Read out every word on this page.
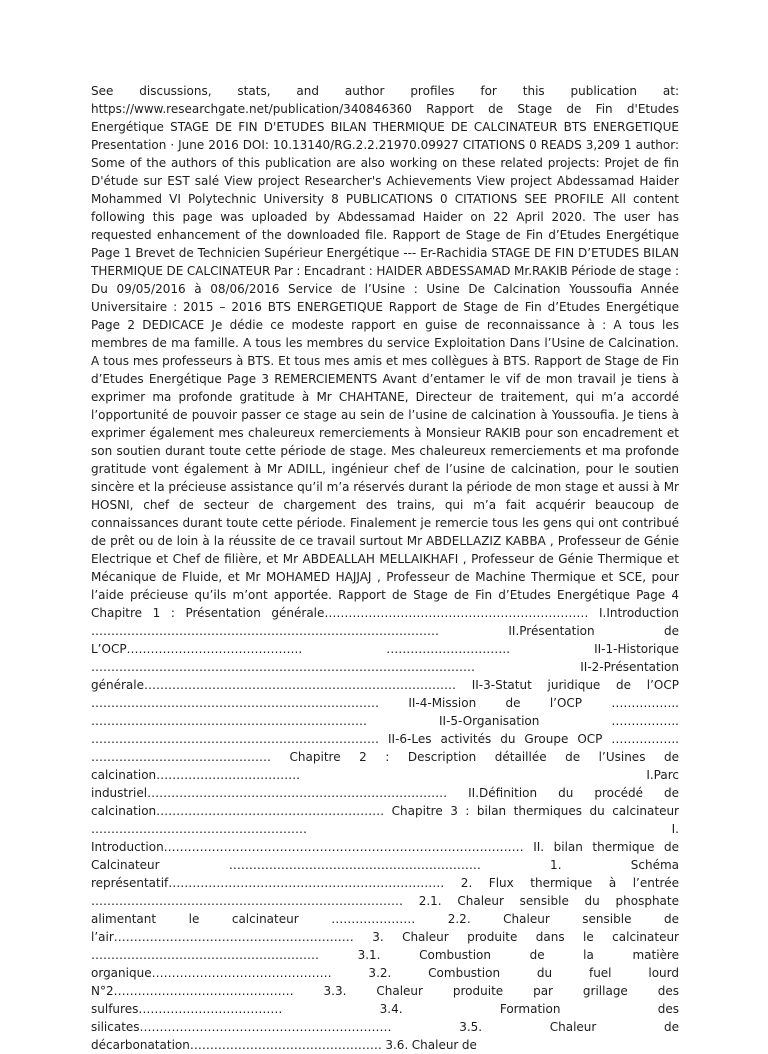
See discussions, stats, and author profiles for this publication at: https://www.researchgate.net/publication/340846360 Rapport de Stage de Fin d'Etudes Energétique STAGE DE FIN D'ETUDES BILAN THERMIQUE DE CALCINATEUR BTS ENERGETIQUE Presentation · June 2016 DOI: 10.13140/RG.2.2.21970.09927 CITATIONS 0 READS 3,209 1 author: Some of the authors of this publication are also working on these related projects: Projet de fin D'étude sur EST salé View project Researcher's Achievements View project Abdessamad Haider Mohammed VI Polytechnic University 8 PUBLICATIONS 0 CITATIONS SEE PROFILE All content following this page was uploaded by Abdessamad Haider on 22 April 2020. The user has requested enhancement of the downloaded file. Rapport de Stage de Fin d’Etudes Energétique Page 1 Brevet de Technicien Supérieur Energétique --- Er-Rachidia STAGE DE FIN D’ETUDES BILAN THERMIQUE DE CALCINATEUR Par : Encadrant : HAIDER ABDESSAMAD Mr.RAKIB Période de stage : Du 09/05/2016 à 08/06/2016 Service de l’Usine : Usine De Calcination Youssoufia Année Universitaire : 2015 – 2016 BTS ENERGETIQUE Rapport de Stage de Fin d’Etudes Energétique Page 2 DEDICACE Je dédie ce modeste rapport en guise de reconnaissance à : A tous les membres de ma famille. A tous les membres du service Exploitation Dans l’Usine de Calcination. A tous mes professeurs à BTS. Et tous mes amis et mes collègues à BTS. Rapport de Stage de Fin d’Etudes Energétique Page 3 REMERCIEMENTS Avant d’entamer le vif de mon travail je tiens à exprimer ma profonde gratitude à Mr CHAHTANE, Directeur de traitement, qui m’a accordé l’opportunité de pouvoir passer ce stage au sein de l’usine de calcination à Youssoufia. Je tiens à exprimer également mes chaleureux remerciements à Monsieur RAKIB pour son encadrement et son soutien durant toute cette période de stage. Mes chaleureux remerciements et ma profonde gratitude vont également à Mr ADILL, ingénieur chef de l’usine de calcination, pour le soutien sincère et la précieuse assistance qu’il m’a réservés durant la période de mon stage et aussi à Mr HOSNI, chef de secteur de chargement des trains, qui m’a fait acquérir beaucoup de connaissances durant toute cette période. Finalement je remercie tous les gens qui ont contribué de prêt ou de loin à la réussite de ce travail surtout Mr ABDELLAZIZ KABBA , Professeur de Génie Electrique et Chef de filière, et Mr ABDEALLAH MELLAIKHAFI , Professeur de Génie Thermique et Mécanique de Fluide, et Mr MOHAMED HAJJAJ , Professeur de Machine Thermique et SCE, pour l’aide précieuse qu’ils m’ont apportée. Rapport de Stage de Fin d’Etudes Energétique Page 4 Chapitre 1 : Présentation générale………………………………………………………… I.Introduction …………………………………………………………………………… II.Présentation de L’OCP…………………………………….. …………………………. II-1-Historique …………………………………………………………………………………… II-2-Présentation générale…………………………………………………………………… II-3-Statut juridique de l’OCP ……………………………………………………………… II-4-Mission de l’OCP …………….. …………………………………………………………… II-5-Organisation …………….. ……………………………………………………………… II-6-Les activités du Groupe OCP …………….. ……………………………………… Chapitre 2 : Description détaillée de l’Usines de calcination……………………………… I.Parc industriel………………………………………………………………… II.Définition du procédé de calcination………………………………………………… Chapitre 3 : bilan thermiques du calcinateur ……………………………………………… I. Introduction……………………………………………………………………………… II. bilan thermique de Calcinateur ……………………………………………………… 1. Schéma représentatif…………………………………………………………… 2. Flux thermique à l’entrée …………………………………………………………………… 2.1. Chaleur sensible du phosphate alimentant le calcinateur ………………… 2.2. Chaleur sensible de l’air…………………………………………………… 3. Chaleur produite dans le calcinateur ………………………………………………… 3.1. Combustion de la matière organique……………………………………… 3.2. Combustion du fuel lourd N°2……………………………………… 3.3. Chaleur produite par grillage des sulfures……………………………… 3.4. Formation des silicates……………………………………………………… 3.5. Chaleur de décarbonatation………………………………………… 3.6. Chaleur de
